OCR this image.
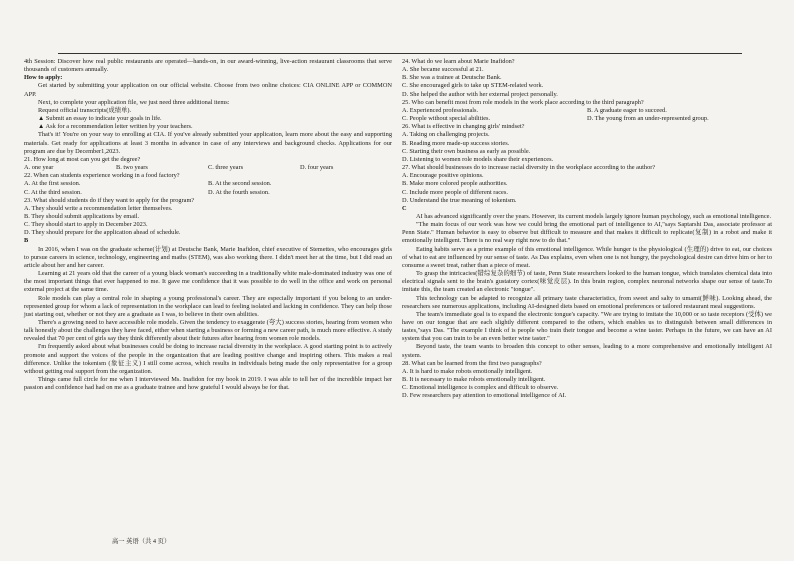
4th Session: Discover how real public restaurants are operated—hands-on, in our award-winning, live-action restaurant classrooms that serve thousands of customers annually.

How to apply:

Get started by submitting your application on our official website. Choose from two online choices: CIA ONLINE APP or COMMON APP.

Next, to complete your application file, we just need three additional items:

Request official transcripts(成绩单).

▲ Submit an essay to indicate your goals in life.

▲ Ask for a recommendation letter written by your teachers.

That's it! You're on your way to enrolling at CIA. If you've already submitted your application, learn more about the easy and supporting materials. Get ready for applications at least 3 months in advance in case of any interviews and background checks. Applications for our program are due by December1,2023.

21. How long at most can you get the degree?

A. one year	B. two years	C. three years	D. four years

22. When can students experience working in a food factory?

A. At the first session.	B. At the second session.
C. At the third session.	D. At the fourth session.

23. What should students do if they want to apply for the program?

A. They should write a recommendation letter themselves.

B. They should submit applications by email.

C. They should start to apply in December 2023.

D. They should prepare for the application ahead of schedule.

B

In 2016, when I was on the graduate scheme(计划) at Deutsche Bank, Marie Inafidon, chief executive of Stemettes, who encourages girls to pursue careers in science, technology, engineering and maths (STEM), was also working there. I didn't meet her at the time, but I did read an article about her and her career.

Learning at 21 years old that the career of a young black woman's succeeding in a traditionally white male-dominated industry was one of the most important things that ever happened to me. It gave me confidence that it was possible to do well in the office and work on personal external project at the same time.

Role models can play a central role in shaping a young professional's career. They are especially important if you belong to an under-represented group for whom a lack of representation in the workplace can lead to feeling isolated and lacking in confidence. They can help those just starting out, whether or not they are a graduate as I was, to believe in their own abilities.

There's a growing need to have accessible role models. Given the tendency to exaggerate (夸大) success stories, hearing from women who talk honestly about the challenges they have faced, either when starting a business or forming a new career path, is much more effective. A study revealed that 70 per cent of girls say they think differently about their futures after hearing from women role models.

I'm frequently asked about what businesses could be doing to increase racial diversity in the workplace. A good starting point is to actively promote and support the voices of the people in the organization that are leading positive change and inspiring others. This makes a real difference. Unlike the tokenism (象征主义) I still come across, which results in individuals being made the only representative for a group without getting real support from the organization.

Things came full circle for me when I interviewed Ms. Inafidon for my book in 2019. I was able to tell her of the incredible impact her passion and confidence had had on me as a graduate trainee and how grateful I would always be for that.

24. What do we learn about Marie Inafidon?

A. She became successful at 21.

B. She was a trainee at Deutsche Bank.

C. She encouraged girls to take up STEM-related work.

D. She helped the author with her external project personally.

25. Who can benefit most from role models in the work place according to the third paragraph?

A. Experienced professionals.	B. A graduate eager to succeed.
C. People without special abilities.	D. The young from an under-represented group.

26. What is effective in changing girls' mindset?

A. Taking on challenging projects.

B. Reading more made-up success stories.

C. Starting their own business as early as possible.

D. Listening to women role models share their experiences.

27. What should businesses do to increase racial diversity in the workplace according to the author?

A. Encourage positive opinions.

B. Make more colored people authorities.

C. Include more people of different races.

D. Understand the true meaning of tokenism.

C

AI has advanced significantly over the years. However, its current models largely ignore human psychology, such as emotional intelligence.

"The main focus of our work was how we could bring the emotional part of intelligence to AI,"says Saptarshi Das, associate professor at Penn State." Human behavior is easy to observe but difficult to measure and that makes it difficult to replicate(复制) in a robot and make it emotionally intelligent. There is no real way right now to do that."

Eating habits serve as a prime example of this emotional intelligence. While hunger is the physiological (生理的) drive to eat, our choices of what to eat are influenced by our sense of taste. As Das explains, even when one is not hungry, the psychological desire can drive him or her to consume a sweet treat, rather than a piece of meat.

To grasp the intricacies(错综复杂的细节) of taste, Penn State researchers looked to the human tongue, which translates chemical data into electrical signals sent to the brain's gustatory cortex(味觉皮层). In this brain region, complex neuronal networks shape our sense of taste.To imitate this, the team created an electronic "tongue".

This technology can be adapted to recognize all primary taste characteristics, from sweet and salty to umami(鲜味). Looking ahead, the researchers see numerous applications, including AI-designed diets based on emotional preferences or tailored restaurant meal suggestions.

The team's immediate goal is to expand the electronic tongue's capacity. "We are trying to imitate the 10,000 or so taste receptors (受体) we have on our tongue that are each slightly different compared to the others, which enables us to distinguish between small differences in tastes,"says Das. "The example I think of is people who train their tongue and become a wine taster. Perhaps in the future, we can have an AI system that you can train to be an even better wine taster."

Beyond taste, the team wants to broaden this concept to other senses, leading to a more comprehensive and emotionally intelligent AI system.

28. What can be learned from the first two paragraphs?

A. It is hard to make robots emotionally intelligent.

B. It is necessary to make robots emotionally intelligent.

C. Emotional intelligence is complex and difficult to observe.

D. Few researchers pay attention to emotional intelligence of AI.

高一 英语（共 4 页）
